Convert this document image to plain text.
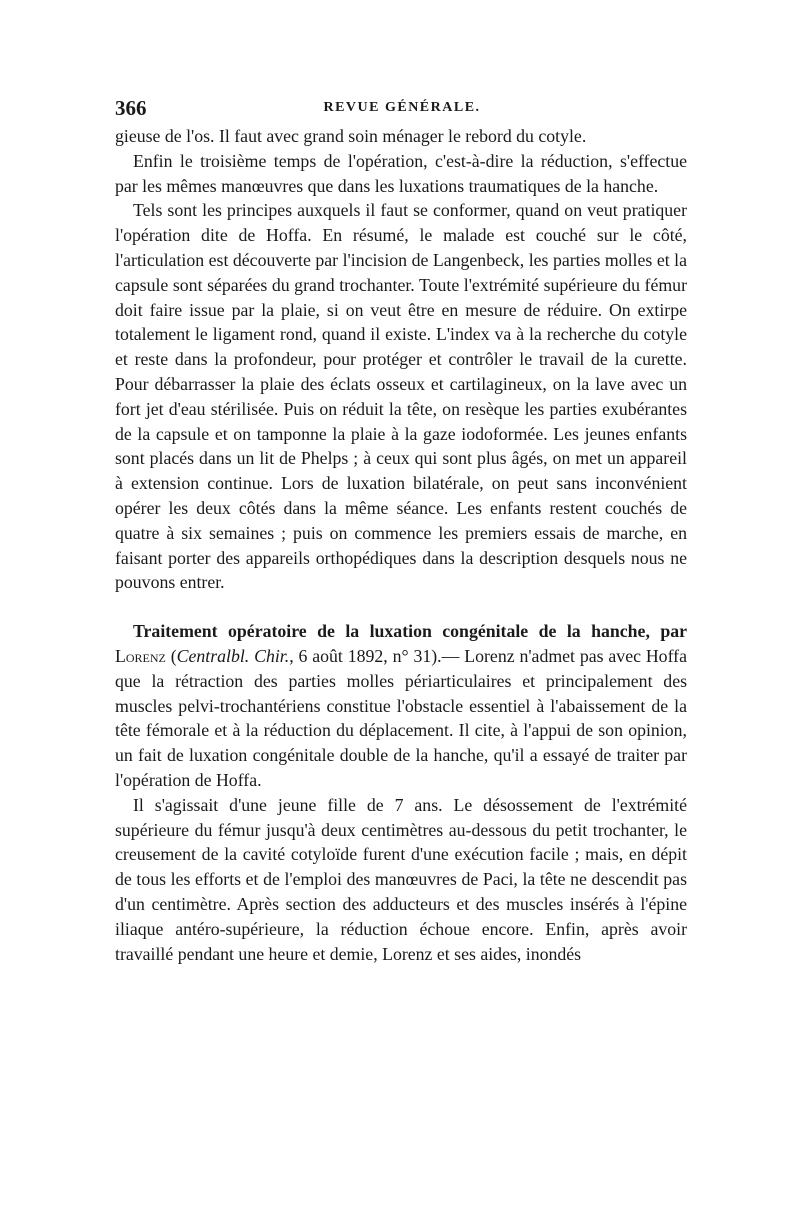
366	REVUE GÉNÉRALE.

gieuse de l'os. Il faut avec grand soin ménager le rebord du cotyle.

Enfin le troisième temps de l'opération, c'est-à-dire la réduction, s'effectue par les mêmes manœuvres que dans les luxations traumatiques de la hanche.

Tels sont les principes auxquels il faut se conformer, quand on veut pratiquer l'opération dite de Hoffa. En résumé, le malade est couché sur le côté, l'articulation est découverte par l'incision de Langenbeck, les parties molles et la capsule sont séparées du grand trochanter. Toute l'extrémité supérieure du fémur doit faire issue par la plaie, si on veut être en mesure de réduire. On extirpe totalement le ligament rond, quand il existe. L'index va à la recherche du cotyle et reste dans la profondeur, pour protéger et contrôler le travail de la curette. Pour débarrasser la plaie des éclats osseux et cartilagineux, on la lave avec un fort jet d'eau stérilisée. Puis on réduit la tête, on resèque les parties exubérantes de la capsule et on tamponne la plaie à la gaze iodoformée. Les jeunes enfants sont placés dans un lit de Phelps ; à ceux qui sont plus âgés, on met un appareil à extension continue. Lors de luxation bilatérale, on peut sans inconvénient opérer les deux côtés dans la même séance. Les enfants restent couchés de quatre à six semaines ; puis on commence les premiers essais de marche, en faisant porter des appareils orthopédiques dans la description desquels nous ne pouvons entrer.

Traitement opératoire de la luxation congénitale de la hanche, par Lorenz (Centralbl. Chir., 6 août 1892, n° 31).— Lorenz n'admet pas avec Hoffa que la rétraction des parties molles périarticulaires et principalement des muscles pelvi-trochantériens constitue l'obstacle essentiel à l'abaissement de la tête fémorale et à la réduction du déplacement. Il cite, à l'appui de son opinion, un fait de luxation congénitale double de la hanche, qu'il a essayé de traiter par l'opération de Hoffa.

Il s'agissait d'une jeune fille de 7 ans. Le désossement de l'extrémité supérieure du fémur jusqu'à deux centimètres au-dessous du petit trochanter, le creusement de la cavité cotyloïde furent d'une exécution facile ; mais, en dépit de tous les efforts et de l'emploi des manœuvres de Paci, la tête ne descendit pas d'un centimètre. Après section des adducteurs et des muscles insérés à l'épine iliaque antéro-supérieure, la réduction échoue encore. Enfin, après avoir travaillé pendant une heure et demie, Lorenz et ses aides, inondés
